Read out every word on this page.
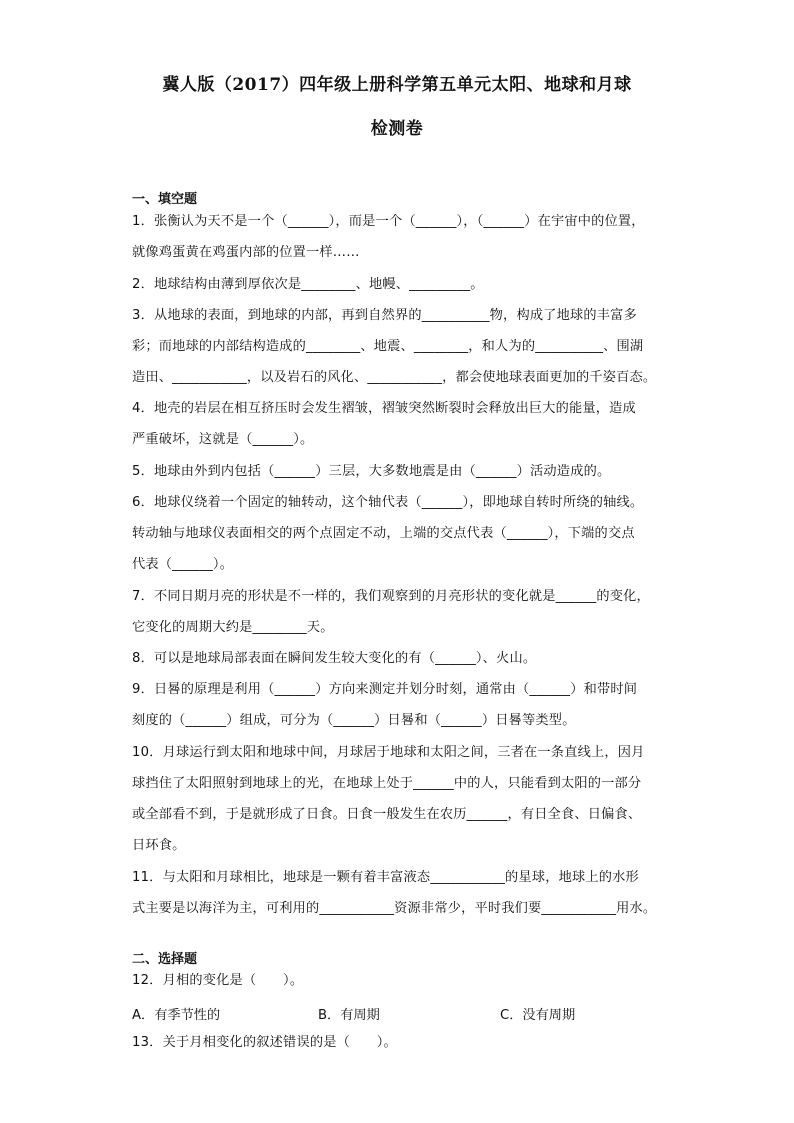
冀人版（2017）四年级上册科学第五单元太阳、地球和月球
检测卷
一、填空题
1．张衡认为天不是一个（______），而是一个（______），（______）在宇宙中的位置，
就像鸡蛋黄在鸡蛋内部的位置一样……
2．地球结构由薄到厚依次是________、地幔、_________。
3．从地球的表面，到地球的内部，再到自然界的__________物，构成了地球的丰富多
彩；而地球的内部结构造成的________、地震、________，和人为的__________、围湖
造田、___________，以及岩石的风化、___________，都会使地球表面更加的千姿百态。
4．地壳的岩层在相互挤压时会发生褶皱，褶皱突然断裂时会释放出巨大的能量，造成
严重破坏，这就是（______）。
5．地球由外到内包括（______）三层，大多数地震是由（______）活动造成的。
6．地球仪绕着一个固定的轴转动，这个轴代表（______），即地球自转时所绕的轴线。
转动轴与地球仪表面相交的两个点固定不动，上端的交点代表（______），下端的交点
代表（______）。
7．不同日期月亮的形状是不一样的，我们观察到的月亮形状的变化就是______的变化，
它变化的周期大约是________天。
8．可以是地球局部表面在瞬间发生较大变化的有（______）、火山。
9．日晷的原理是利用（______）方向来测定并划分时刻，通常由（______）和带时间
刻度的（______）组成，可分为（______）日晷和（______）日晷等类型。
10．月球运行到太阳和地球中间，月球居于地球和太阳之间，三者在一条直线上，因月
球挡住了太阳照射到地球上的光，在地球上处于______中的人，只能看到太阳的一部分
或全部看不到，于是就形成了日食。日食一般发生在农历______，有日全食、日偏食、
日环食。
11．与太阳和月球相比，地球是一颗有着丰富液态___________的星球，地球上的水形
式主要是以海洋为主，可利用的___________资源非常少，平时我们要___________用水。
二、选择题
12．月相的变化是（　　）。
A．有季节性的	B．有周期	C．没有周期
13．关于月相变化的叙述错误的是（　　）。
